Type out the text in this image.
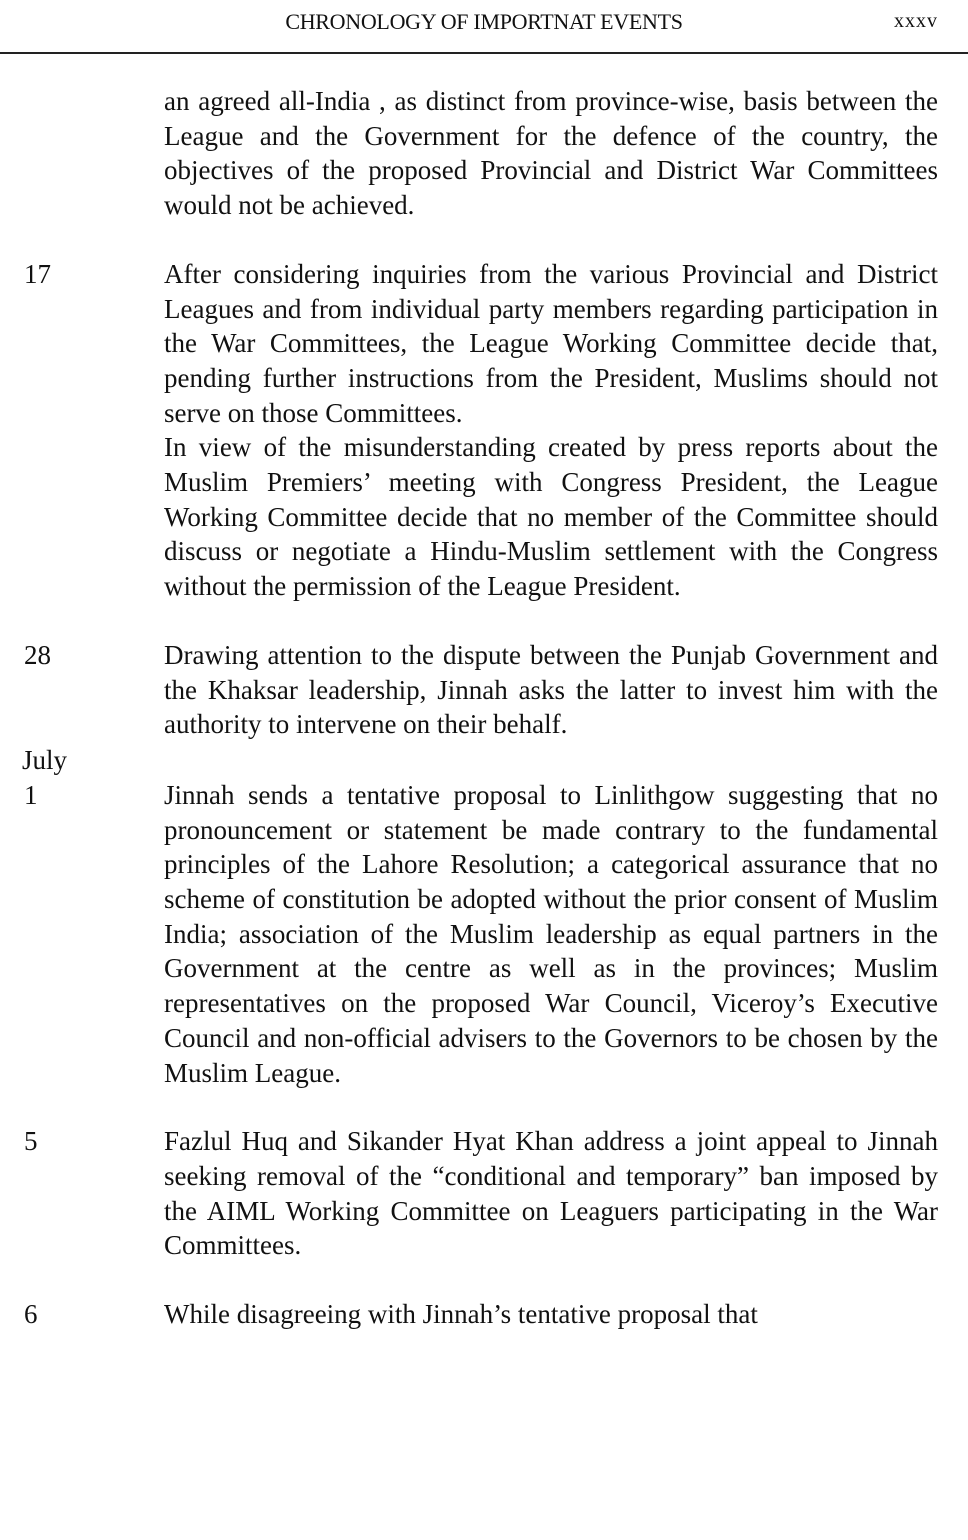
CHRONOLOGY OF IMPORTNAT EVENTS	xxxv

an agreed all-India , as distinct from province-wise, basis between the League and the Government for the defence of the country, the objectives of the proposed Provincial and District War Committees would not be achieved.

17	After considering inquiries from the various Provincial and District Leagues and from individual party members regarding participation in the War Committees, the League Working Committee decide that, pending further instructions from the President, Muslims should not serve on those Committees.

In view of the misunderstanding created by press reports about the Muslim Premiers’ meeting with Congress President, the League Working Committee decide that no member of the Committee should discuss or negotiate a Hindu-Muslim settlement with the Congress without the permission of the League President.

28	Drawing attention to the dispute between the Punjab Government and the Khaksar leadership, Jinnah asks the latter to invest him with the authority to intervene on their behalf.

July
1	Jinnah sends a tentative proposal to Linlithgow suggesting that no pronouncement or statement be made contrary to the fundamental principles of the Lahore Resolution; a categorical assurance that no scheme of constitution be adopted without the prior consent of Muslim India; association of the Muslim leadership as equal partners in the Government at the centre as well as in the provinces; Muslim representatives on the proposed War Council, Viceroy’s Executive Council and non-official advisers to the Governors to be chosen by the Muslim League.

5	Fazlul Huq and Sikander Hyat Khan address a joint appeal to Jinnah seeking removal of the “conditional and temporary” ban imposed by the AIML Working Committee on Leaguers participating in the War Committees.

6	While disagreeing with Jinnah’s tentative proposal that
